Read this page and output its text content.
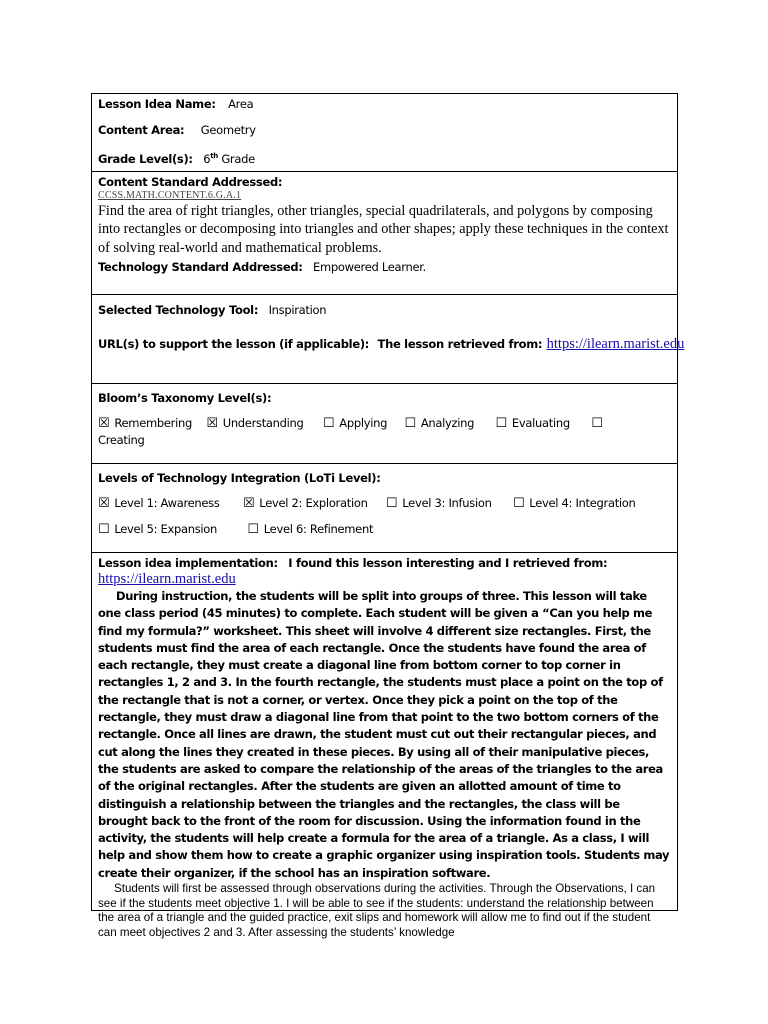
Lesson Idea Name: Area
Content Area: Geometry
Grade Level(s): 6th Grade
Content Standard Addressed:
CCSS.MATH.CONTENT.6.G.A.1
Find the area of right triangles, other triangles, special quadrilaterals, and polygons by composing into rectangles or decomposing into triangles and other shapes; apply these techniques in the context of solving real-world and mathematical problems.
Technology Standard Addressed: Empowered Learner.
Selected Technology Tool: Inspiration
URL(s) to support the lesson (if applicable): The lesson retrieved from: https://ilearn.marist.edu
Bloom’s Taxonomy Level(s):
☒ Remembering ☒ Understanding ☐ Applying ☐ Analyzing ☐ Evaluating ☐
Creating
Levels of Technology Integration (LoTi Level):
☒ Level 1: Awareness ☒ Level 2: Exploration ☐ Level 3: Infusion ☐ Level 4: Integration
☐ Level 5: Expansion ☐ Level 6: Refinement
Lesson idea implementation: I found this lesson interesting and I retrieved from:
https://ilearn.marist.edu

During instruction, the students will be split into groups of three. This lesson will take one class period (45 minutes) to complete. Each student will be given a “Can you help me find my formula?” worksheet. This sheet will involve 4 different size rectangles. First, the students must find the area of each rectangle. Once the students have found the area of each rectangle, they must create a diagonal line from bottom corner to top corner in rectangles 1, 2 and 3. In the fourth rectangle, the students must place a point on the top of the rectangle that is not a corner, or vertex. Once they pick a point on the top of the rectangle, they must draw a diagonal line from that point to the two bottom corners of the rectangle. Once all lines are drawn, the student must cut out their rectangular pieces, and cut along the lines they created in these pieces. By using all of their manipulative pieces, the students are asked to compare the relationship of the areas of the triangles to the area of the original rectangles. After the students are given an allotted amount of time to distinguish a relationship between the triangles and the rectangles, the class will be brought back to the front of the room for discussion. Using the information found in the activity, the students will help create a formula for the area of a triangle. As a class, I will help and show them how to create a graphic organizer using inspiration tools. Students may create their organizer, if the school has an inspiration software.

Students will first be assessed through observations during the activities. Through the Observations, I can see if the students meet objective 1. I will be able to see if the students: understand the relationship between the area of a triangle and the guided practice, exit slips and homework will allow me to find out if the student can meet objectives 2 and 3. After assessing the students’ knowledge
